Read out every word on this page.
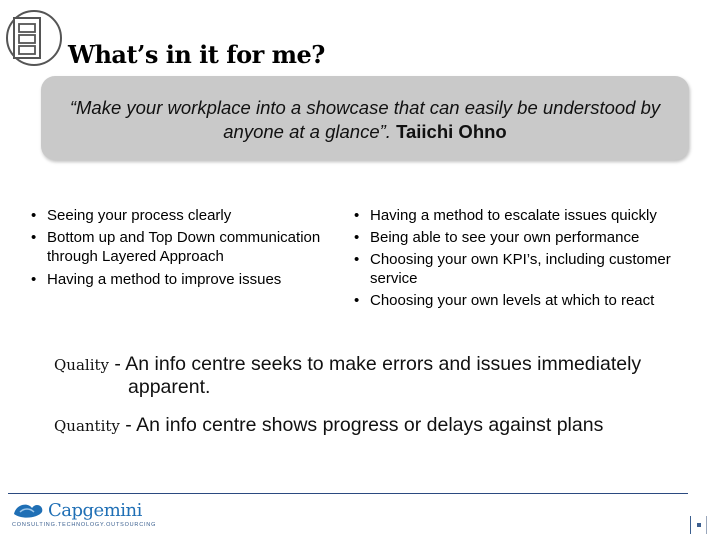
What’s in it for me?
“Make your workplace into a showcase that can easily be understood by anyone at a glance”. Taiichi Ohno
• Seeing your process clearly
• Bottom up and Top Down communication through Layered Approach
• Having a method to improve issues
• Having a method to escalate issues quickly
• Being able to see your own performance
• Choosing your own KPI’s, including customer service
• Choosing your own levels at which to react
Quality - An info centre seeks to make errors and issues immediately
apparent.
Quantity - An info centre shows progress or delays against plans
Capgemini
CONSULTING.TECHNOLOGY.OUTSOURCING
